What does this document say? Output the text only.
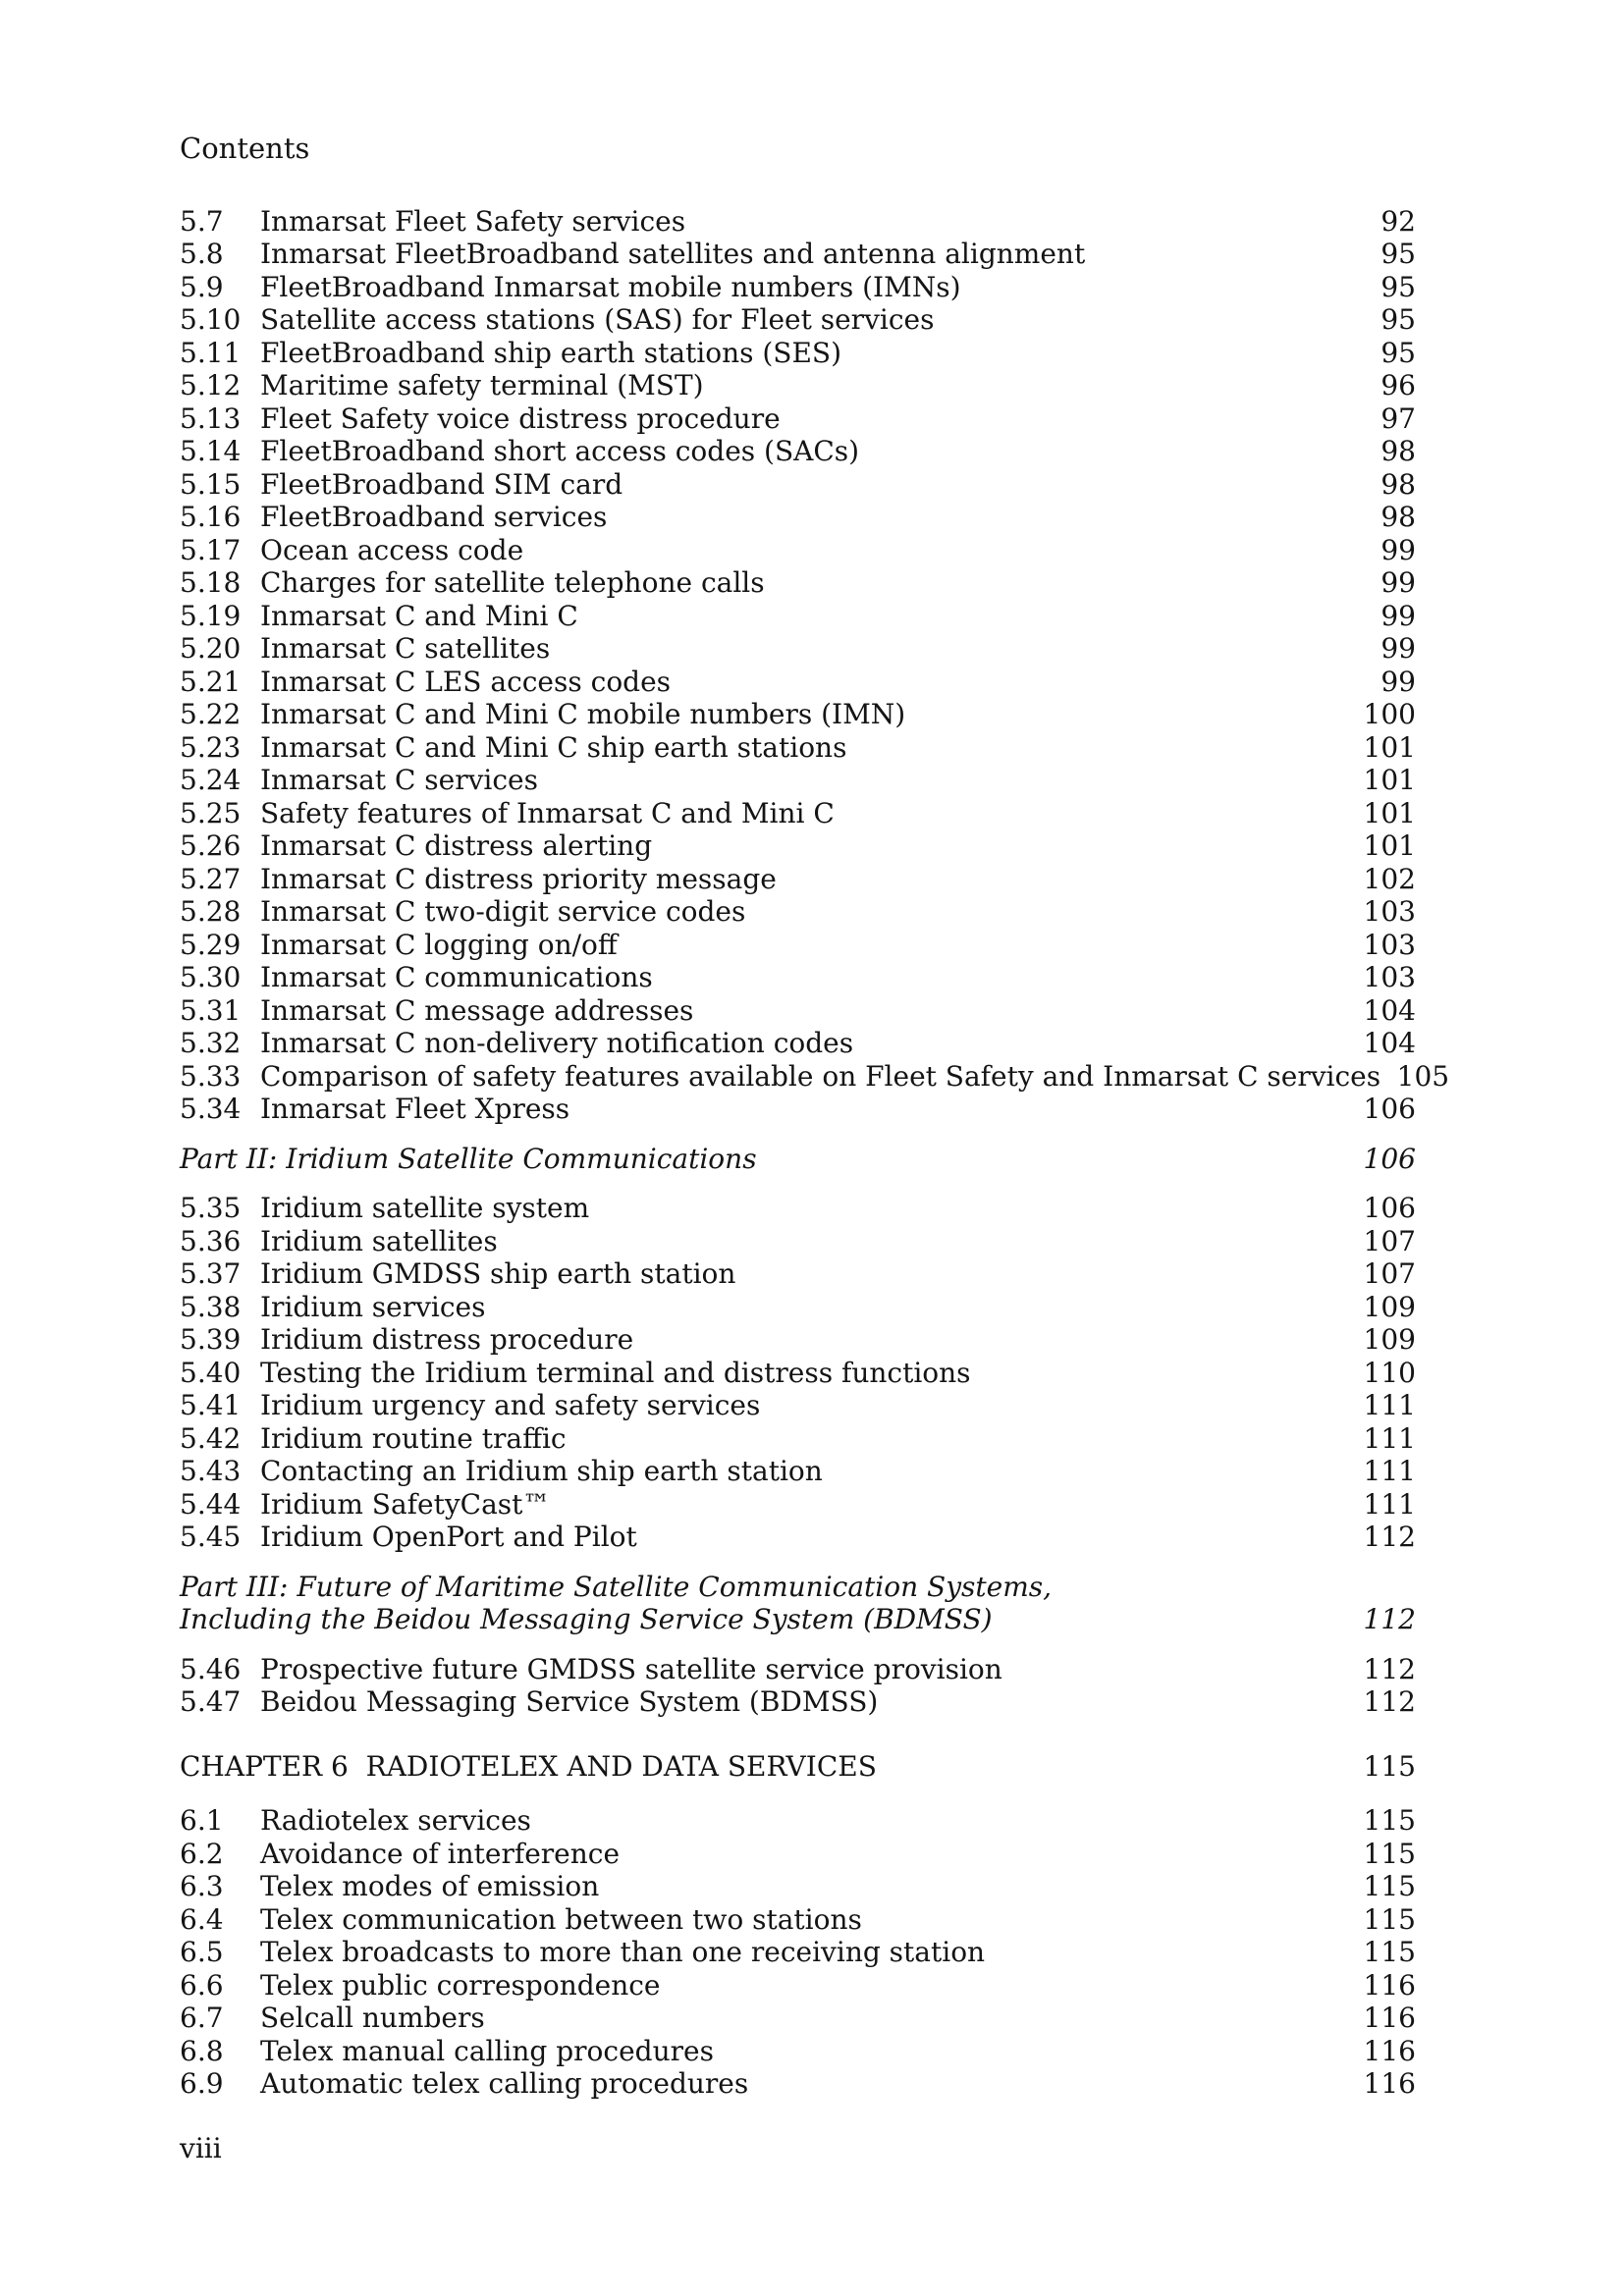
Contents
5.7	Inmarsat Fleet Safety services	92
5.8	Inmarsat FleetBroadband satellites and antenna alignment	95
5.9	FleetBroadband Inmarsat mobile numbers (IMNs)	95
5.10 Satellite access stations (SAS) for Fleet services	95
5.11 FleetBroadband ship earth stations (SES)	95
5.12 Maritime safety terminal (MST)	96
5.13 Fleet Safety voice distress procedure	97
5.14 FleetBroadband short access codes (SACs)	98
5.15 FleetBroadband SIM card	98
5.16 FleetBroadband services	98
5.17 Ocean access code	99
5.18 Charges for satellite telephone calls	99
5.19 Inmarsat C and Mini C	99
5.20 Inmarsat C satellites	99
5.21 Inmarsat C LES access codes	99
5.22 Inmarsat C and Mini C mobile numbers (IMN)	100
5.23 Inmarsat C and Mini C ship earth stations	101
5.24 Inmarsat C services	101
5.25 Safety features of Inmarsat C and Mini C	101
5.26 Inmarsat C distress alerting	101
5.27 Inmarsat C distress priority message	102
5.28 Inmarsat C two-digit service codes	103
5.29 Inmarsat C logging on/off	103
5.30 Inmarsat C communications	103
5.31 Inmarsat C message addresses	104
5.32 Inmarsat C non-delivery notification codes	104
5.33 Comparison of safety features available on Fleet Safety and Inmarsat C services 105
5.34 Inmarsat Fleet Xpress	106
Part II: Iridium Satellite Communications	106
5.35 Iridium satellite system	106
5.36 Iridium satellites	107
5.37 Iridium GMDSS ship earth station	107
5.38 Iridium services	109
5.39 Iridium distress procedure	109
5.40 Testing the Iridium terminal and distress functions	110
5.41 Iridium urgency and safety services	111
5.42 Iridium routine traffic	111
5.43 Contacting an Iridium ship earth station	111
5.44 Iridium SafetyCast™	111
5.45 Iridium OpenPort and Pilot	112
Part III: Future of Maritime Satellite Communication Systems,
Including the Beidou Messaging Service System (BDMSS)	112
5.46 Prospective future GMDSS satellite service provision	112
5.47 Beidou Messaging Service System (BDMSS)	112
CHAPTER 6  RADIOTELEX AND DATA SERVICES	115
6.1	Radiotelex services	115
6.2	Avoidance of interference	115
6.3	Telex modes of emission	115
6.4	Telex communication between two stations	115
6.5	Telex broadcasts to more than one receiving station	115
6.6	Telex public correspondence	116
6.7	Selcall numbers	116
6.8	Telex manual calling procedures	116
6.9	Automatic telex calling procedures	116
viii
